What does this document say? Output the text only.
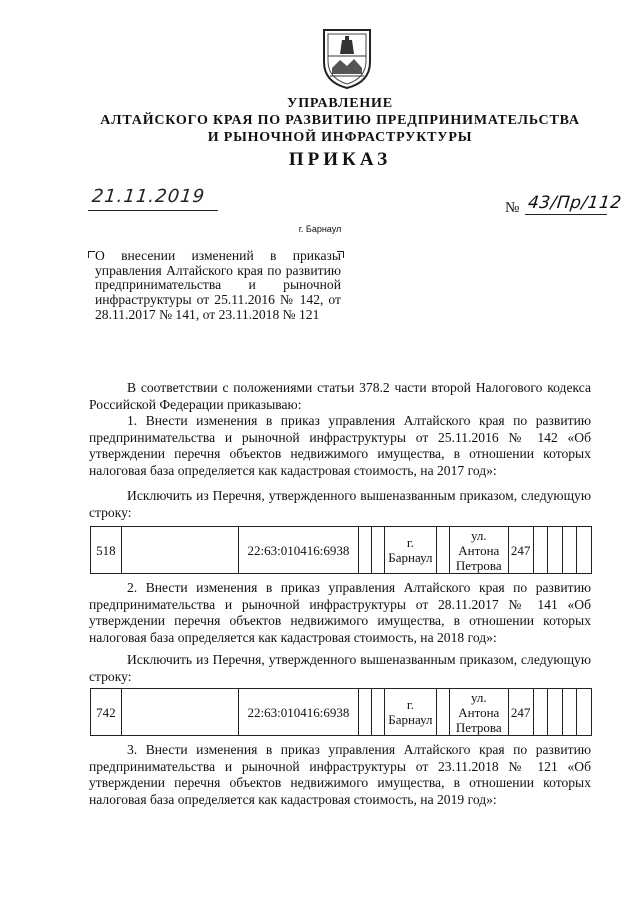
УПРАВЛЕНИЕ
АЛТАЙСКОГО КРАЯ ПО РАЗВИТИЮ ПРЕДПРИНИМАТЕЛЬСТВА
И РЫНОЧНОЙ ИНФРАСТРУКТУРЫ
ПРИКАЗ
21.11.2019
№ 43/Пр/112
г. Барнаул
О внесении изменений в приказы управления Алтайского края по развитию предпринимательства и рыночной инфраструктуры от 25.11.2016 № 142, от 28.11.2017 № 141, от 23.11.2018 № 121
В соответствии с положениями статьи 378.2 части второй Налогового кодекса Российской Федерации приказываю:
1. Внести изменения в приказ управления Алтайского края по развитию предпринимательства и рыночной инфраструктуры от 25.11.2016 № 142 «Об утверждении перечня объектов недвижимого имущества, в отношении которых налоговая база определяется как кадастровая стоимость, на 2017 год»:
Исключить из Перечня, утвержденного вышеназванным приказом, следующую строку:
518		22:63:010416:6938			г. Барнаул		ул. Антона Петрова	247				
2. Внести изменения в приказ управления Алтайского края по развитию предпринимательства и рыночной инфраструктуры от 28.11.2017 № 141 «Об утверждении перечня объектов недвижимого имущества, в отношении которых налоговая база определяется как кадастровая стоимость, на 2018 год»:
Исключить из Перечня, утвержденного вышеназванным приказом, следующую строку:
742		22:63:010416:6938			г. Барнаул		ул. Антона Петрова	247				
3. Внести изменения в приказ управления Алтайского края по развитию предпринимательства и рыночной инфраструктуры от 23.11.2018 № 121 «Об утверждении перечня объектов недвижимого имущества, в отношении которых налоговая база определяется как кадастровая стоимость, на 2019 год»:
